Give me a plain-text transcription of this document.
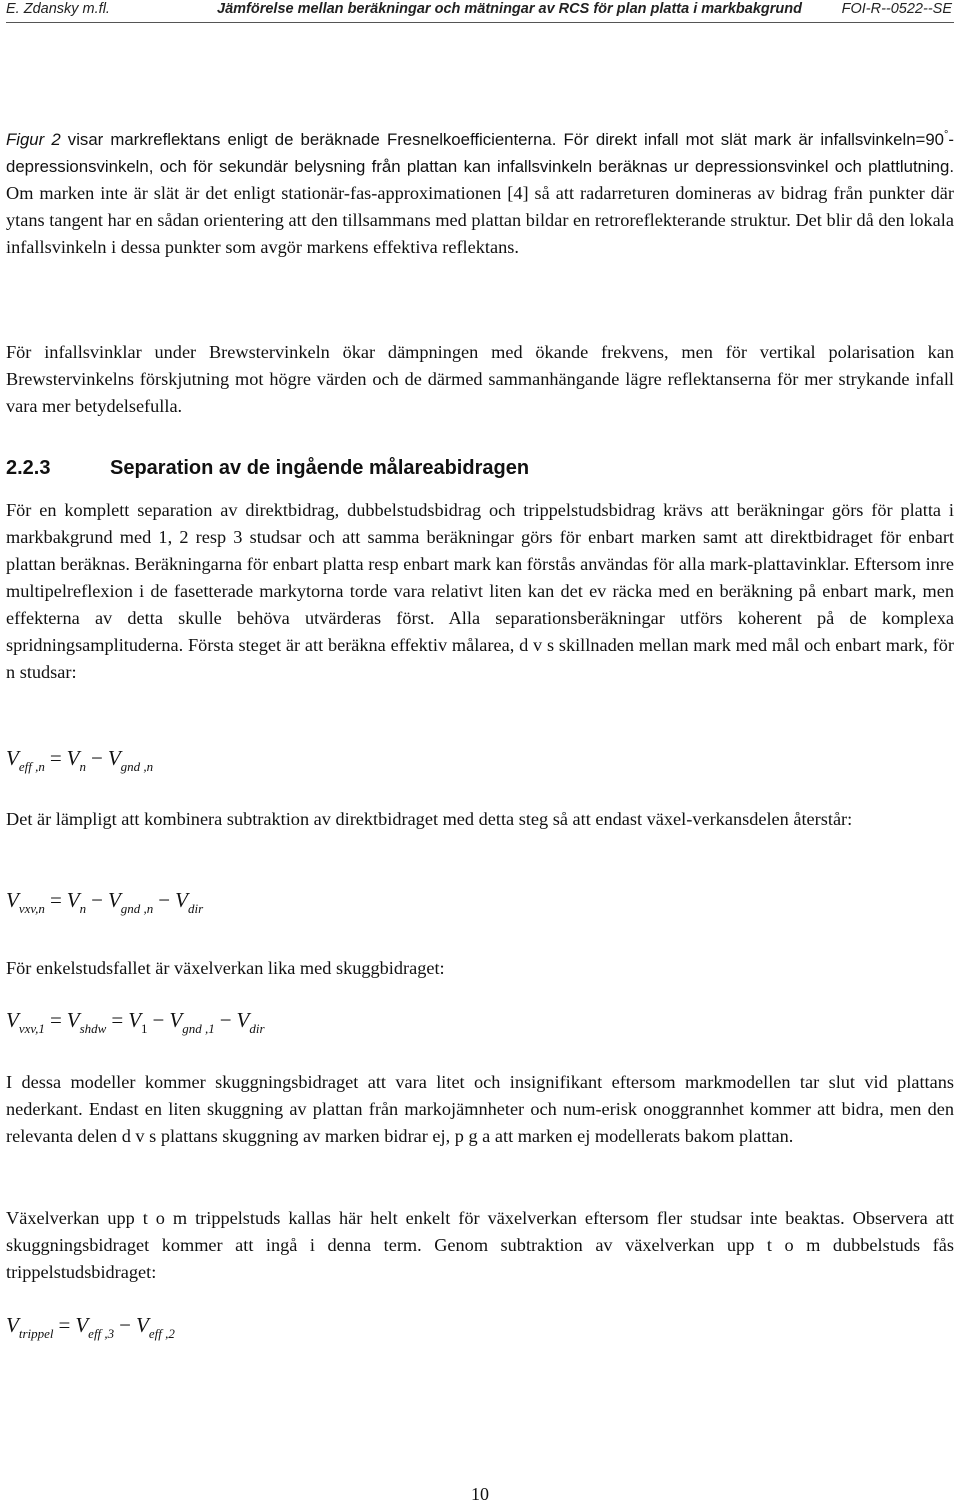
E. Zdansky m.fl.	Jämförelse mellan beräkningar och mätningar av RCS för plan platta i markbakgrund	FOI-R--0522--SE

Figur 2 visar markreflektans enligt de beräknade Fresnelkoefficienterna. För direkt infall mot slät mark är infallsvinkeln=90°-depressionsvinkeln, och för sekundär belysning från plattan kan infallsvinkeln beräknas ur depressionsvinkel och plattlutning. Om marken inte är slät är det enligt stationär-fas-approximationen [4] så att radarreturen domineras av bidrag från punkter där ytans tangent har en sådan orientering att den tillsammans med plattan bildar en retroreflekterande struktur. Det blir då den lokala infallsvinkeln i dessa punkter som avgör markens effektiva reflektans.

För infallsvinklar under Brewstervinkeln ökar dämpningen med ökande frekvens, men för vertikal polarisation kan Brewstervinkelns förskjutning mot högre värden och de därmed sammanhängande lägre reflektanserna för mer strykande infall vara mer betydelsefulla.

2.2.3	Separation av de ingående målareabidragen

För en komplett separation av direktbidrag, dubbelstudsbidrag och trippelstudsbidrag krävs att beräkningar görs för platta i markbakgrund med 1, 2 resp 3 studsar och att samma beräkningar görs för enbart marken samt att direktbidraget för enbart plattan beräknas. Beräkningarna för enbart platta resp enbart mark kan förstås användas för alla mark-plattavinklar. Eftersom inre multipelreflexion i de fasetterade markytorna torde vara relativt liten kan det ev räcka med en beräkning på enbart mark, men effekterna av detta skulle behöva utvärderas först. Alla separationsberäkningar utförs koherent på de komplexa spridningsamplituderna. Första steget är att beräkna effektiv målarea, d v s skillnaden mellan mark med mål och enbart mark, för n studsar:

$V_{eff ,n} = V_n - V_{gnd ,n}$

Det är lämpligt att kombinera subtraktion av direktbidraget med detta steg så att endast växel-verkansdelen återstår:

$V_{vxv,n} = V_n - V_{gnd ,n} - V_{dir}$

För enkelstudsfallet är växelverkan lika med skuggbidraget:

$V_{vxv,1} = V_{shdw} = V_1 - V_{gnd ,1} - V_{dir}$

I dessa modeller kommer skuggningsbidraget att vara litet och insignifikant eftersom markmodellen tar slut vid plattans nederkant. Endast en liten skuggning av plattan från markojämnheter och num-erisk onoggrannhet kommer att bidra, men den relevanta delen d v s plattans skuggning av marken bidrar ej, p g a att marken ej modellerats bakom plattan.

Växelverkan upp t o m trippelstuds kallas här helt enkelt för växelverkan eftersom fler studsar inte beaktas. Observera att skuggningsbidraget kommer att ingå i denna term. Genom subtraktion av växelverkan upp t o m dubbelstuds fås trippelstudsbidraget:

$V_{trippel} = V_{eff ,3} - V_{eff ,2}$
10
